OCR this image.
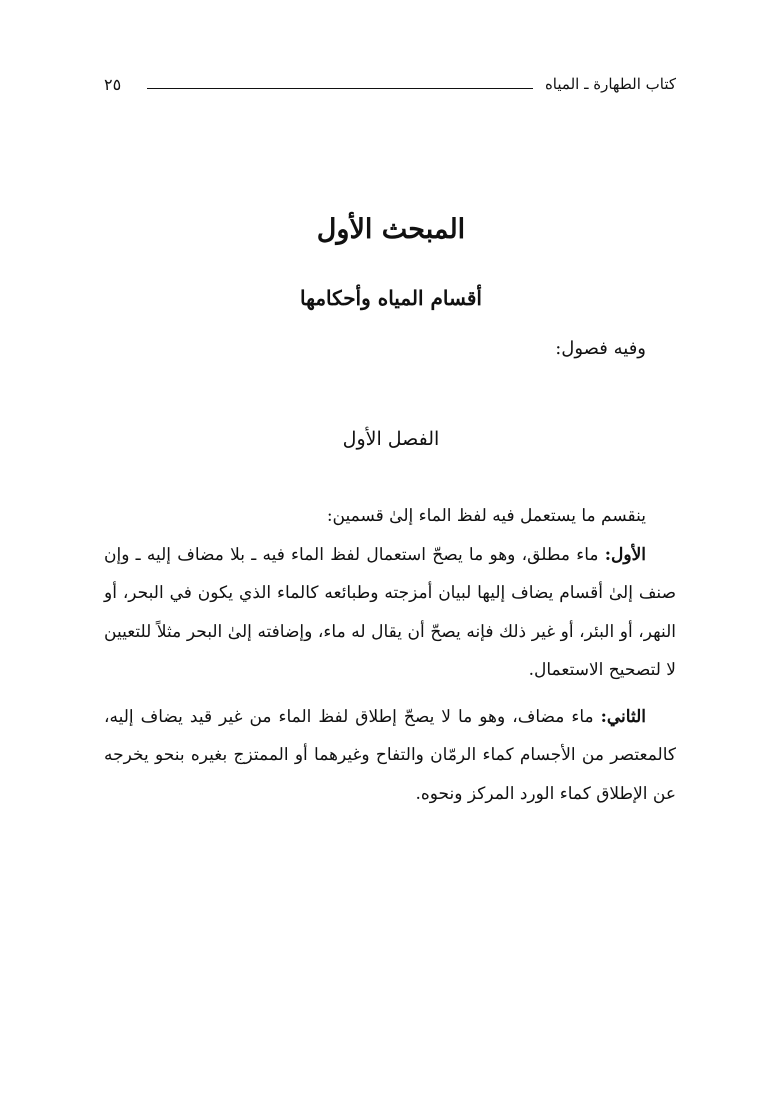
كتاب الطهارة ـ المياه
٢٥
المبحث الأول
أقسام المياه وأحكامها
وفيه فصول:
الفصل الأول

ينقسم ما يستعمل فيه لفظ الماء إلىٰ قسمين:

الأول: ماء مطلق، وهو ما يصحّ استعمال لفظ الماء فيه ـ بلا مضاف إليه ـ وإن صنف إلىٰ أقسام يضاف إليها لبيان أمزجته وطبائعه كالماء الذي يكون في البحر، أو النهر، أو البئر، أو غير ذلك فإنه يصحّ أن يقال له ماء، وإضافته إلىٰ البحر مثلاً للتعيين لا لتصحيح الاستعمال.

الثاني: ماء مضاف، وهو ما لا يصحّ إطلاق لفظ الماء من غير قيد يضاف إليه، كالمعتصر من الأجسام كماء الرمّان والتفاح وغيرهما أو الممتزج بغيره بنحو يخرجه عن الإطلاق كماء الورد المركز ونحوه.
